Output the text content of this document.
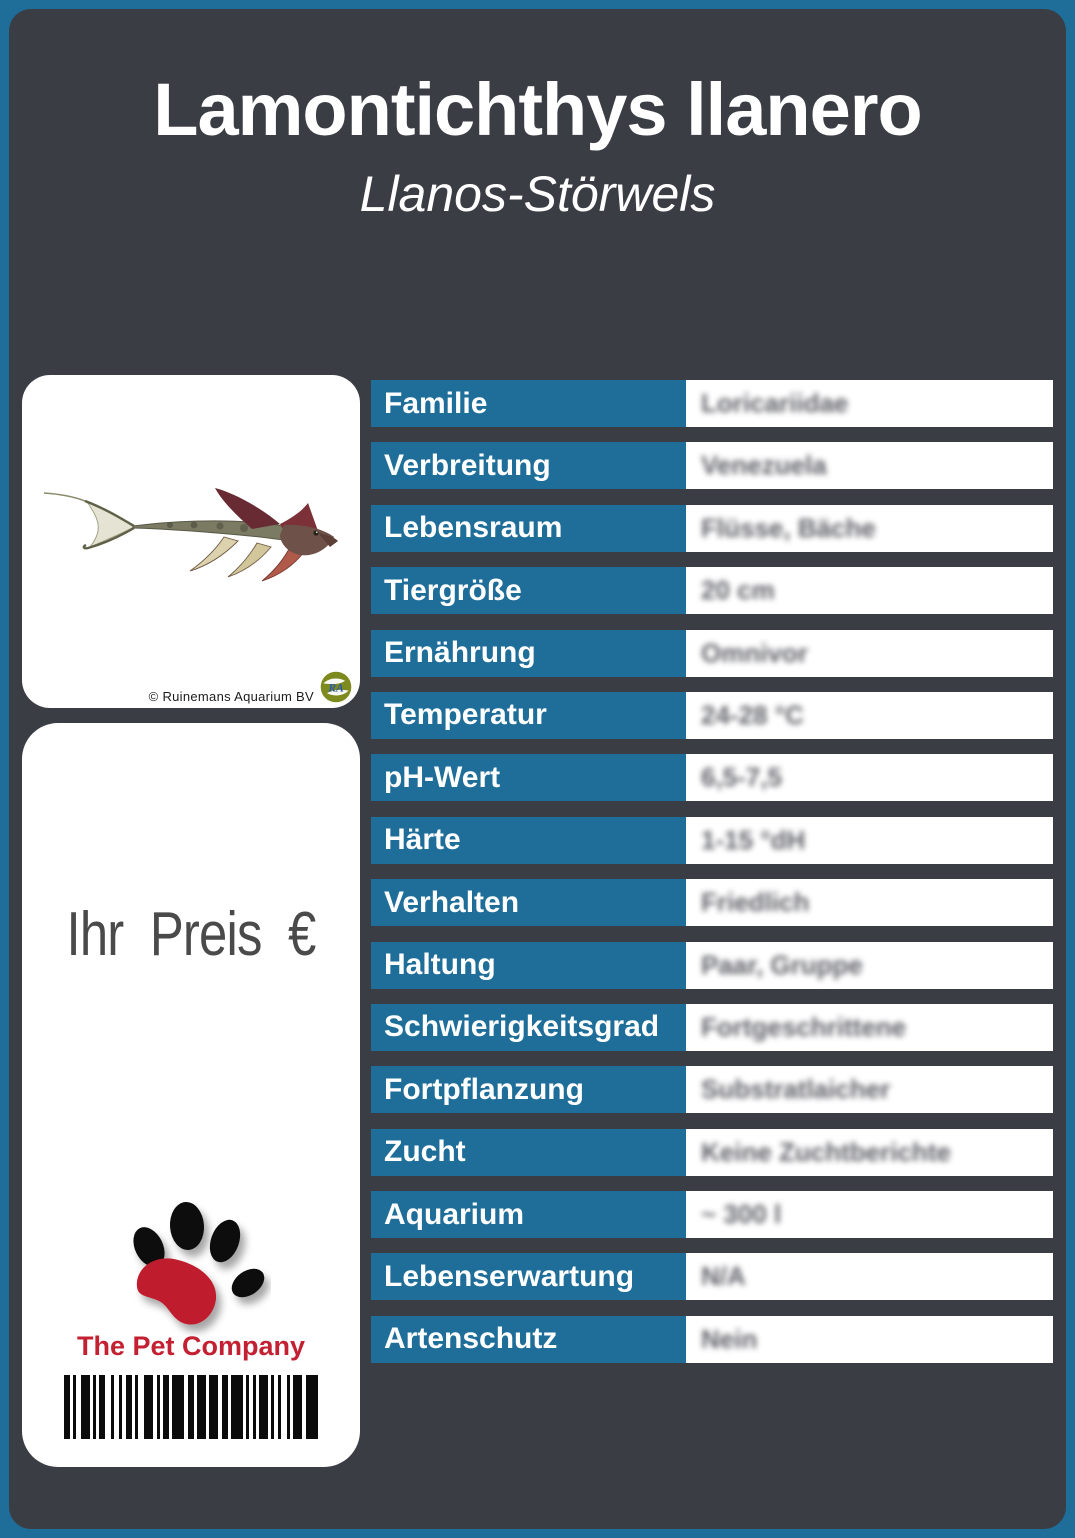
Lamontichthys llanero
Llanos-Störwels
© Ruinemans Aquarium BV
RA
Ihr Preis €
The Pet Company
Familie	Loricariidae
Verbreitung	Venezuela
Lebensraum	Flüsse, Bäche
Tiergröße	20 cm
Ernährung	Omnivor
Temperatur	24-28 °C
pH-Wert	6,5-7,5
Härte	1-15 °dH
Verhalten	Friedlich
Haltung	Paar, Gruppe
Schwierigkeitsgrad	Fortgeschrittene
Fortpflanzung	Substratlaicher
Zucht	Keine Zuchtberichte
Aquarium	~ 300 l
Lebenserwartung	N/A
Artenschutz	Nein
